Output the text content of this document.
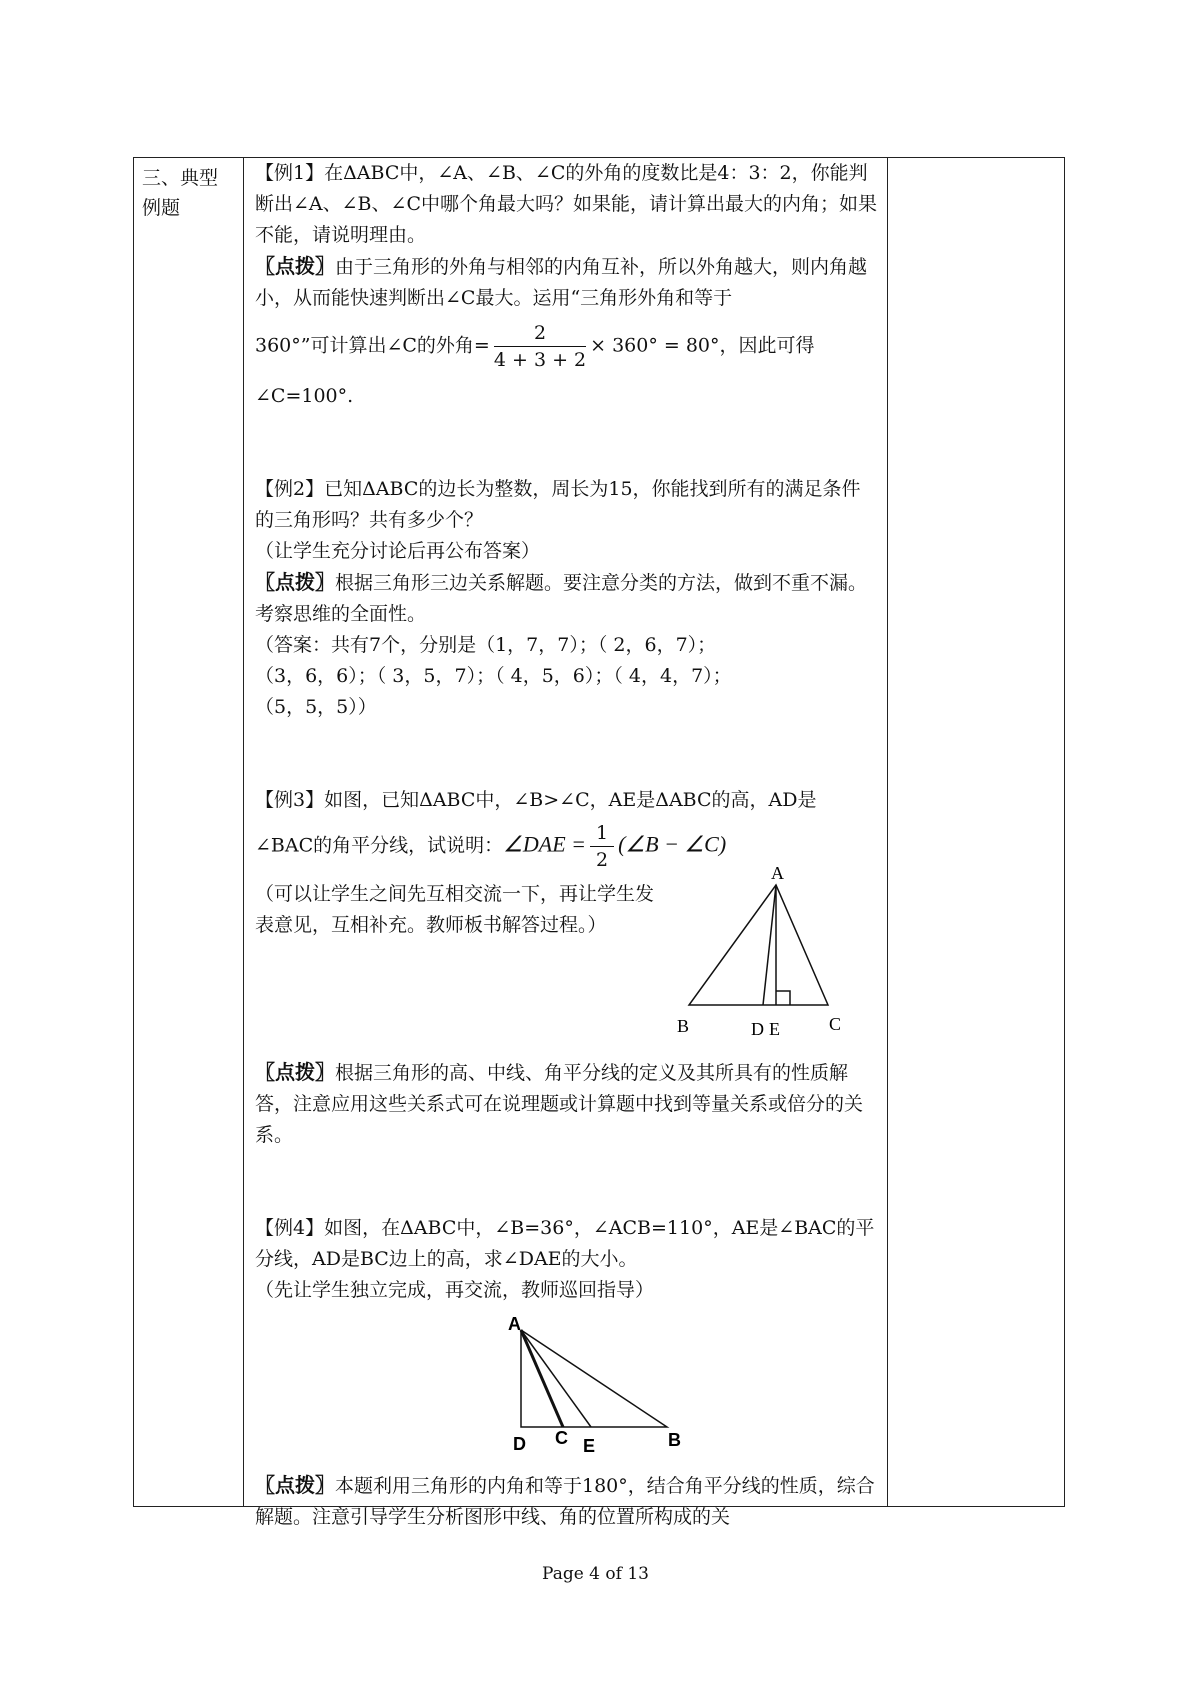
三、典型例题

【例1】在ΔABC中，∠A、∠B、∠C的外角的度数比是4：3：2，你能判断出∠A、∠B、∠C中哪个角最大吗？如果能，请计算出最大的内角；如果不能，请说明理由。

〖点拨〗由于三角形的外角与相邻的内角互补，所以外角越大，则内角越小，从而能快速判断出∠C最大。运用“三角形外角和等于

360°”可计算出∠C的外角= $\frac{2}{4 + 3 + 2} \times 360^\circ = 80^\circ$，因此可得

∠C=100°.

【例2】已知ΔABC的边长为整数，周长为15，你能找到所有的满足条件的三角形吗？共有多少个？

（让学生充分讨论后再公布答案）

〖点拨〗根据三角形三边关系解题。要注意分类的方法，做到不重不漏。考察思维的全面性。

（答案：共有7个，分别是（1，7，7）；（ 2，6，7）；

（3，6，6）；（ 3，5，7）；（ 4，5，6）；（ 4，4，7）；

（5，5，5））

【例3】如图，已知ΔABC中，∠B>∠C，AE是ΔABC的高，AD是

∠BAC的角平分线，试说明：∠DAE = $\frac{1}{2}$ (∠B − ∠C)

（可以让学生之间先互相交流一下，再让学生发表意见，互相补充。教师板书解答过程。）

A
B	D E	C

〖点拨〗根据三角形的高、中线、角平分线的定义及其所具有的性质解答，注意应用这些关系式可在说理题或计算题中找到等量关系或倍分的关系。

【例4】如图，在ΔABC中，∠B=36°，∠ACB=110°，AE是∠BAC的平分线，AD是BC边上的高，求∠DAE的大小。

（先让学生独立完成，再交流，教师巡回指导）

A
D C E	B

〖点拨〗本题利用三角形的内角和等于180°，结合角平分线的性质，综合解题。注意引导学生分析图形中线、角的位置所构成的关

Page 4 of 13
